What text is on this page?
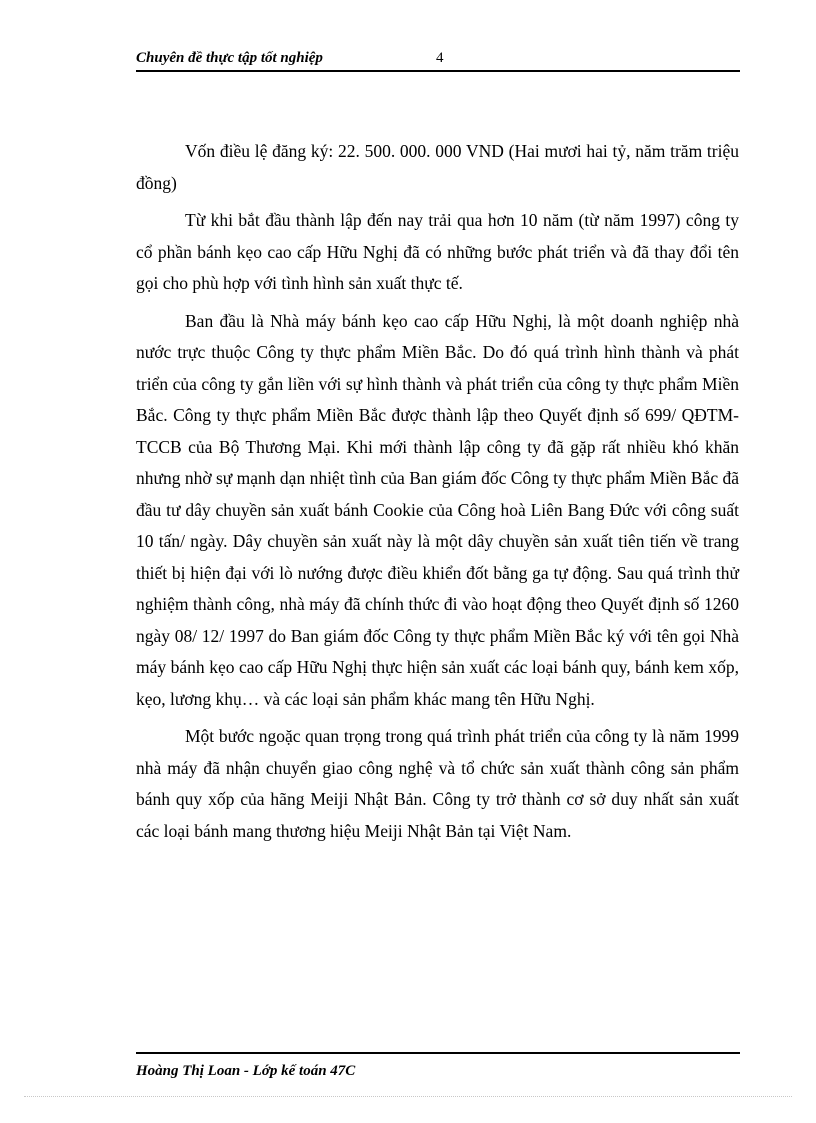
Chuyên đề thực tập tốt nghiệp	4

Vốn điều lệ đăng ký: 22. 500. 000. 000 VND (Hai mươi hai tỷ, năm trăm triệu đồng)

Từ khi bắt đầu thành lập đến nay trải qua hơn 10 năm (từ năm 1997) công ty cổ phần bánh kẹo cao cấp Hữu Nghị đã có những bước phát triển và đã thay đổi tên gọi cho phù hợp với tình hình sản xuất thực tế.

Ban đầu là Nhà máy bánh kẹo cao cấp Hữu Nghị, là một doanh nghiệp nhà nước trực thuộc Công ty thực phẩm Miền Bắc. Do đó quá trình hình thành và phát triển của công ty gắn liền với sự hình thành và phát triển của công ty thực phẩm Miền Bắc. Công ty thực phẩm Miền Bắc được thành lập theo Quyết định số 699/ QĐTM-TCCB của Bộ Thương Mại. Khi mới thành lập công ty đã gặp rất nhiều khó khăn nhưng nhờ sự mạnh dạn nhiệt tình của Ban giám đốc Công ty thực phẩm Miền Bắc đã đầu tư dây chuyền sản xuất bánh Cookie của Công hoà Liên Bang Đức với công suất 10 tấn/ ngày. Dây chuyền sản xuất này là một dây chuyền sản xuất tiên tiến về trang thiết bị hiện đại với lò nướng được điều khiển đốt bằng ga tự động. Sau quá trình thử nghiệm thành công, nhà máy đã chính thức đi vào hoạt động theo Quyết định số 1260 ngày 08/ 12/ 1997 do Ban giám đốc Công ty thực phẩm Miền Bắc ký với tên gọi Nhà máy bánh kẹo cao cấp Hữu Nghị thực hiện sản xuất các loại bánh quy, bánh kem xốp, kẹo, lương khụ… và các loại sản phẩm khác mang tên Hữu Nghị.

Một bước ngoặc quan trọng trong quá trình phát triển của công ty là năm 1999 nhà máy đã nhận chuyển giao công nghệ và tổ chức sản xuất thành công sản phẩm bánh quy xốp của hãng Meiji Nhật Bản. Công ty trở thành cơ sở duy nhất sản xuất các loại bánh mang thương hiệu Meiji Nhật Bản tại Việt Nam.

Hoàng Thị Loan - Lớp kế toán 47C
